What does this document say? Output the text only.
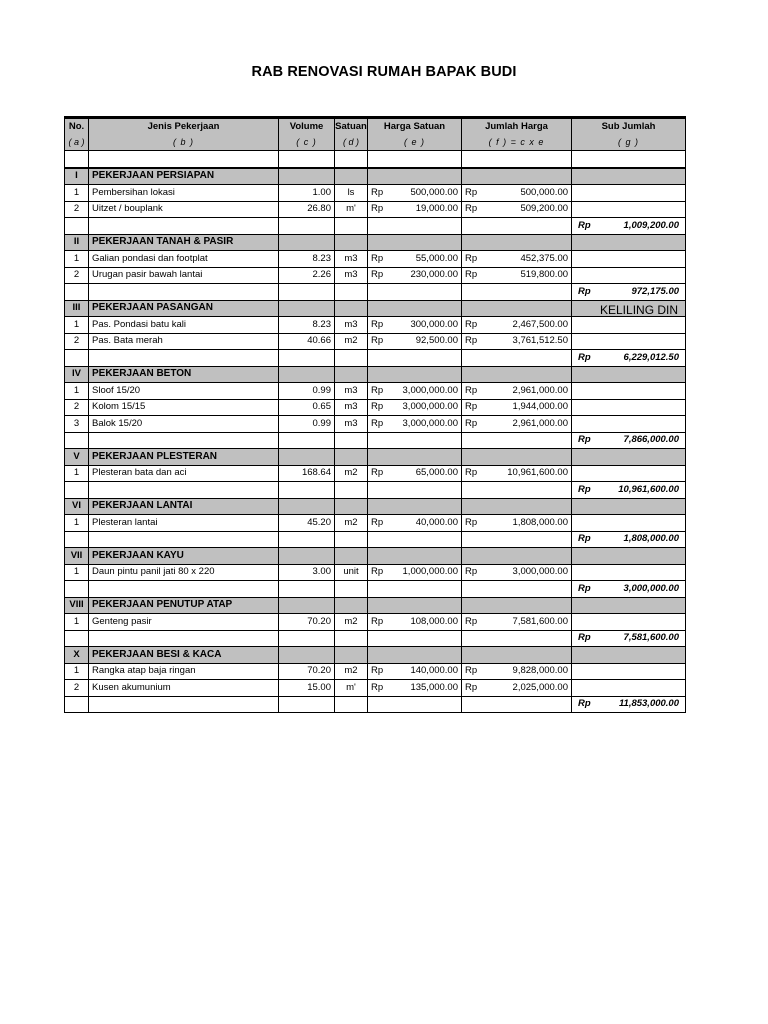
RAB RENOVASI RUMAH BAPAK BUDI
No.	Jenis Pekerjaan	Volume	Satuan	Harga Satuan		Jumlah Harga		Sub Jumlah
( a )	( b )	( c )	( d )	( e )		( f ) = c x e		( g )

I	PEKERJAAN PERSIAPAN							
1	Pembersihan lokasi	1.00	ls	Rp	500,000.00	Rp	500,000.00	
2	Uitzet / bouplank	26.80	m'	Rp	19,000.00	Rp	509,200.00	

								Rp 1,009,200.00

II	PEKERJAAN TANAH & PASIR							
1	Galian pondasi dan footplat	8.23	m3	Rp	55,000.00	Rp	452,375.00	
2	Urugan pasir bawah lantai	2.26	m3	Rp	230,000.00	Rp	519,800.00	

								Rp 972,175.00

III	PEKERJAAN PASANGAN							
1	Pas. Pondasi batu kali	8.23	m3	Rp	300,000.00	Rp	2,467,500.00	
2	Pas. Bata merah	40.66	m2	Rp	92,500.00	Rp	3,761,512.50	

								Rp 6,229,012.50

IV	PEKERJAAN BETON							
1	Sloof 15/20	0.99	m3	Rp	3,000,000.00	Rp	2,961,000.00	
2	Kolom 15/15	0.65	m3	Rp	3,000,000.00	Rp	1,944,000.00	
3	Balok 15/20	0.99	m3	Rp	3,000,000.00	Rp	2,961,000.00	

								Rp 7,866,000.00

V	PEKERJAAN PLESTERAN							
1	Plesteran bata dan aci	168.64	m2	Rp	65,000.00	Rp	10,961,600.00	

								Rp 10,961,600.00

VI	PEKERJAAN LANTAI							
1	Plesteran lantai	45.20	m2	Rp	40,000.00	Rp	1,808,000.00	

								Rp 1,808,000.00

VII	PEKERJAAN KAYU							
1	Daun pintu panil jati 80 x 220	3.00	unit	Rp	1,000,000.00	Rp	3,000,000.00	

								Rp 3,000,000.00

VIII	PEKERJAAN PENUTUP ATAP							
1	Genteng pasir	70.20	m2	Rp	108,000.00	Rp	7,581,600.00	

								Rp 7,581,600.00

X	PEKERJAAN BESI & KACA							
1	Rangka atap baja ringan	70.20	m2	Rp	140,000.00	Rp	9,828,000.00	
2	Kusen akumunium	15.00	m'	Rp	135,000.00	Rp	2,025,000.00	

								Rp 11,853,000.00
KELILING DIN
